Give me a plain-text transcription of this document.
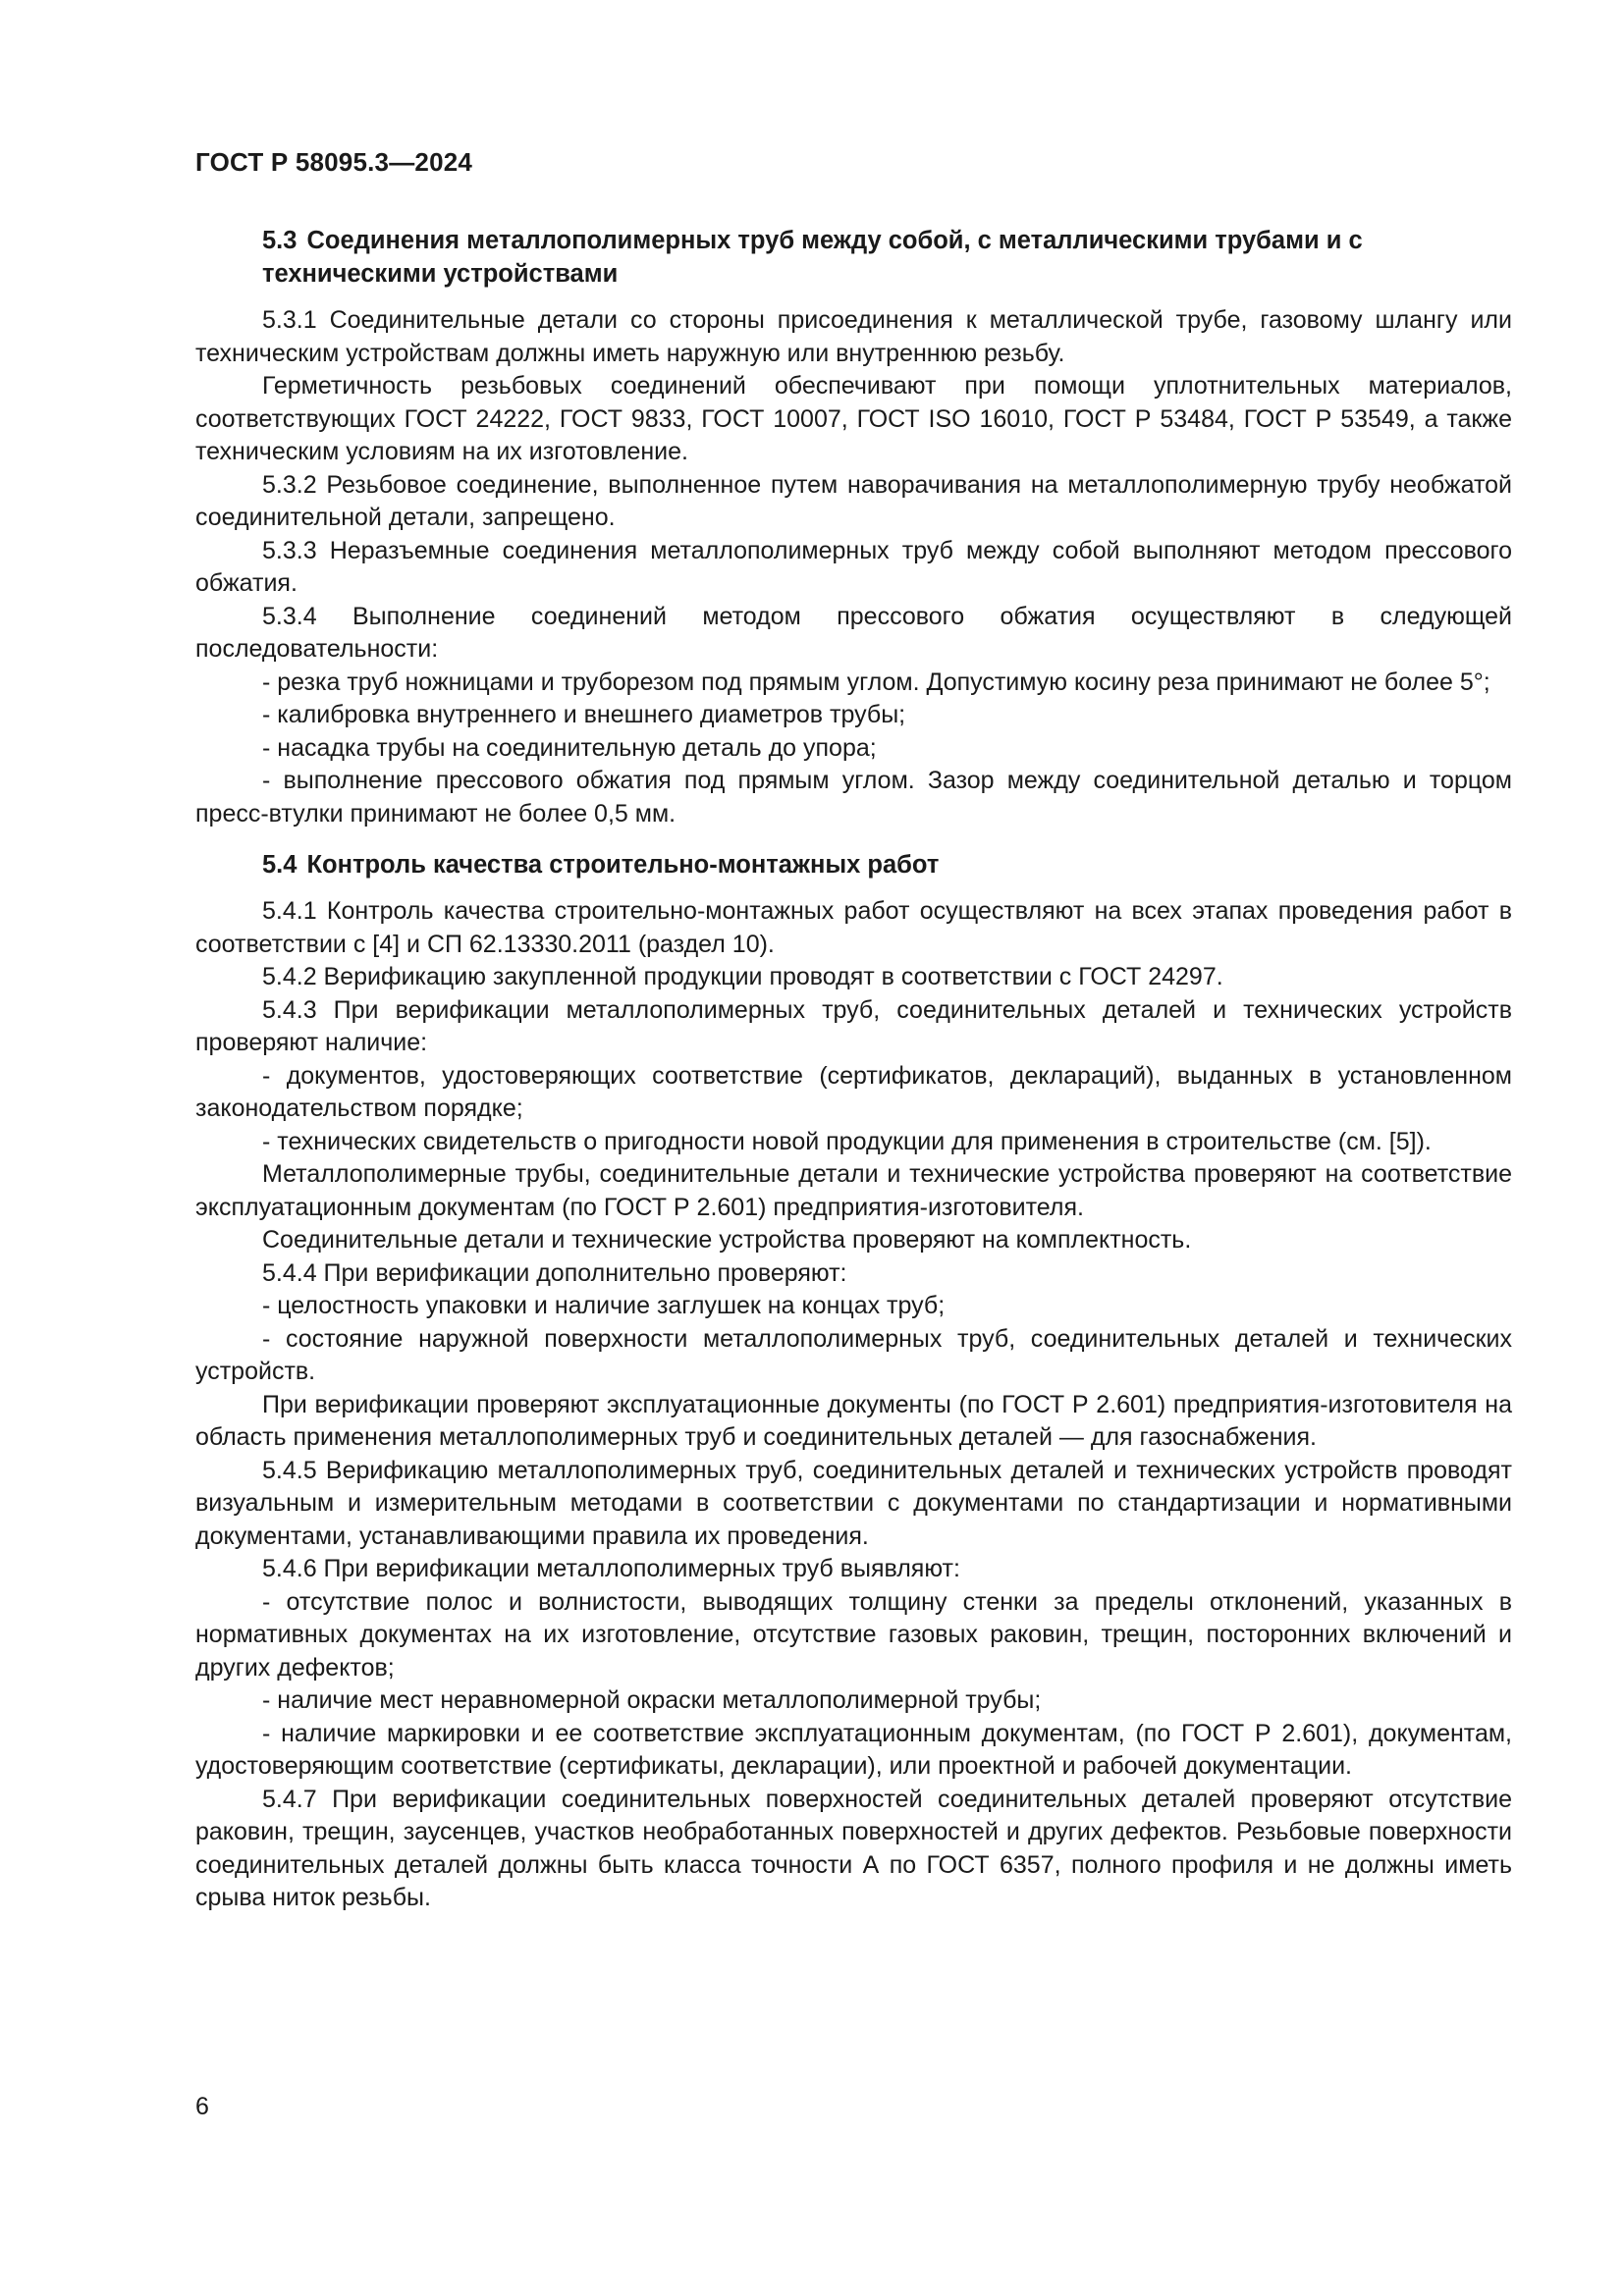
ГОСТ Р 58095.3—2024
5.3 Соединения металлополимерных труб между собой, с металлическими трубами и с техническими устройствами

5.3.1 Соединительные детали со стороны присоединения к металлической трубе, газовому шлангу или техническим устройствам должны иметь наружную или внутреннюю резьбу.

Герметичность резьбовых соединений обеспечивают при помощи уплотнительных материалов, соответствующих ГОСТ 24222, ГОСТ 9833, ГОСТ 10007, ГОСТ ISO 16010, ГОСТ Р 53484, ГОСТ Р 53549, а также техническим условиям на их изготовление.

5.3.2 Резьбовое соединение, выполненное путем наворачивания на металлополимерную трубу необжатой соединительной детали, запрещено.

5.3.3 Неразъемные соединения металлополимерных труб между собой выполняют методом прессового обжатия.

5.3.4 Выполнение соединений методом прессового обжатия осуществляют в следующей последовательности:

- резка труб ножницами и труборезом под прямым углом. Допустимую косину реза принимают не более 5°;

- калибровка внутреннего и внешнего диаметров трубы;

- насадка трубы на соединительную деталь до упора;

- выполнение прессового обжатия под прямым углом. Зазор между соединительной деталью и торцом пресс-втулки принимают не более 0,5 мм.

5.4 Контроль качества строительно-монтажных работ

5.4.1 Контроль качества строительно-монтажных работ осуществляют на всех этапах проведения работ в соответствии с [4] и СП 62.13330.2011 (раздел 10).

5.4.2 Верификацию закупленной продукции проводят в соответствии с ГОСТ 24297.

5.4.3 При верификации металлополимерных труб, соединительных деталей и технических устройств проверяют наличие:

- документов, удостоверяющих соответствие (сертификатов, деклараций), выданных в установленном законодательством порядке;

- технических свидетельств о пригодности новой продукции для применения в строительстве (см. [5]).

Металлополимерные трубы, соединительные детали и технические устройства проверяют на соответствие эксплуатационным документам (по ГОСТ Р 2.601) предприятия-изготовителя.

Соединительные детали и технические устройства проверяют на комплектность.

5.4.4 При верификации дополнительно проверяют:

- целостность упаковки и наличие заглушек на концах труб;

- состояние наружной поверхности металлополимерных труб, соединительных деталей и технических устройств.

При верификации проверяют эксплуатационные документы (по ГОСТ Р 2.601) предприятия-изготовителя на область применения металлополимерных труб и соединительных деталей — для газоснабжения.

5.4.5 Верификацию металлополимерных труб, соединительных деталей и технических устройств проводят визуальным и измерительным методами в соответствии с документами по стандартизации и нормативными документами, устанавливающими правила их проведения.

5.4.6 При верификации металлополимерных труб выявляют:

- отсутствие полос и волнистости, выводящих толщину стенки за пределы отклонений, указанных в нормативных документах на их изготовление, отсутствие газовых раковин, трещин, посторонних включений и других дефектов;

- наличие мест неравномерной окраски металлополимерной трубы;

- наличие маркировки и ее соответствие эксплуатационным документам, (по ГОСТ Р 2.601), документам, удостоверяющим соответствие (сертификаты, декларации), или проектной и рабочей документации.

5.4.7 При верификации соединительных поверхностей соединительных деталей проверяют отсутствие раковин, трещин, заусенцев, участков необработанных поверхностей и других дефектов. Резьбовые поверхности соединительных деталей должны быть класса точности А по ГОСТ 6357, полного профиля и не должны иметь срыва ниток резьбы.

6
